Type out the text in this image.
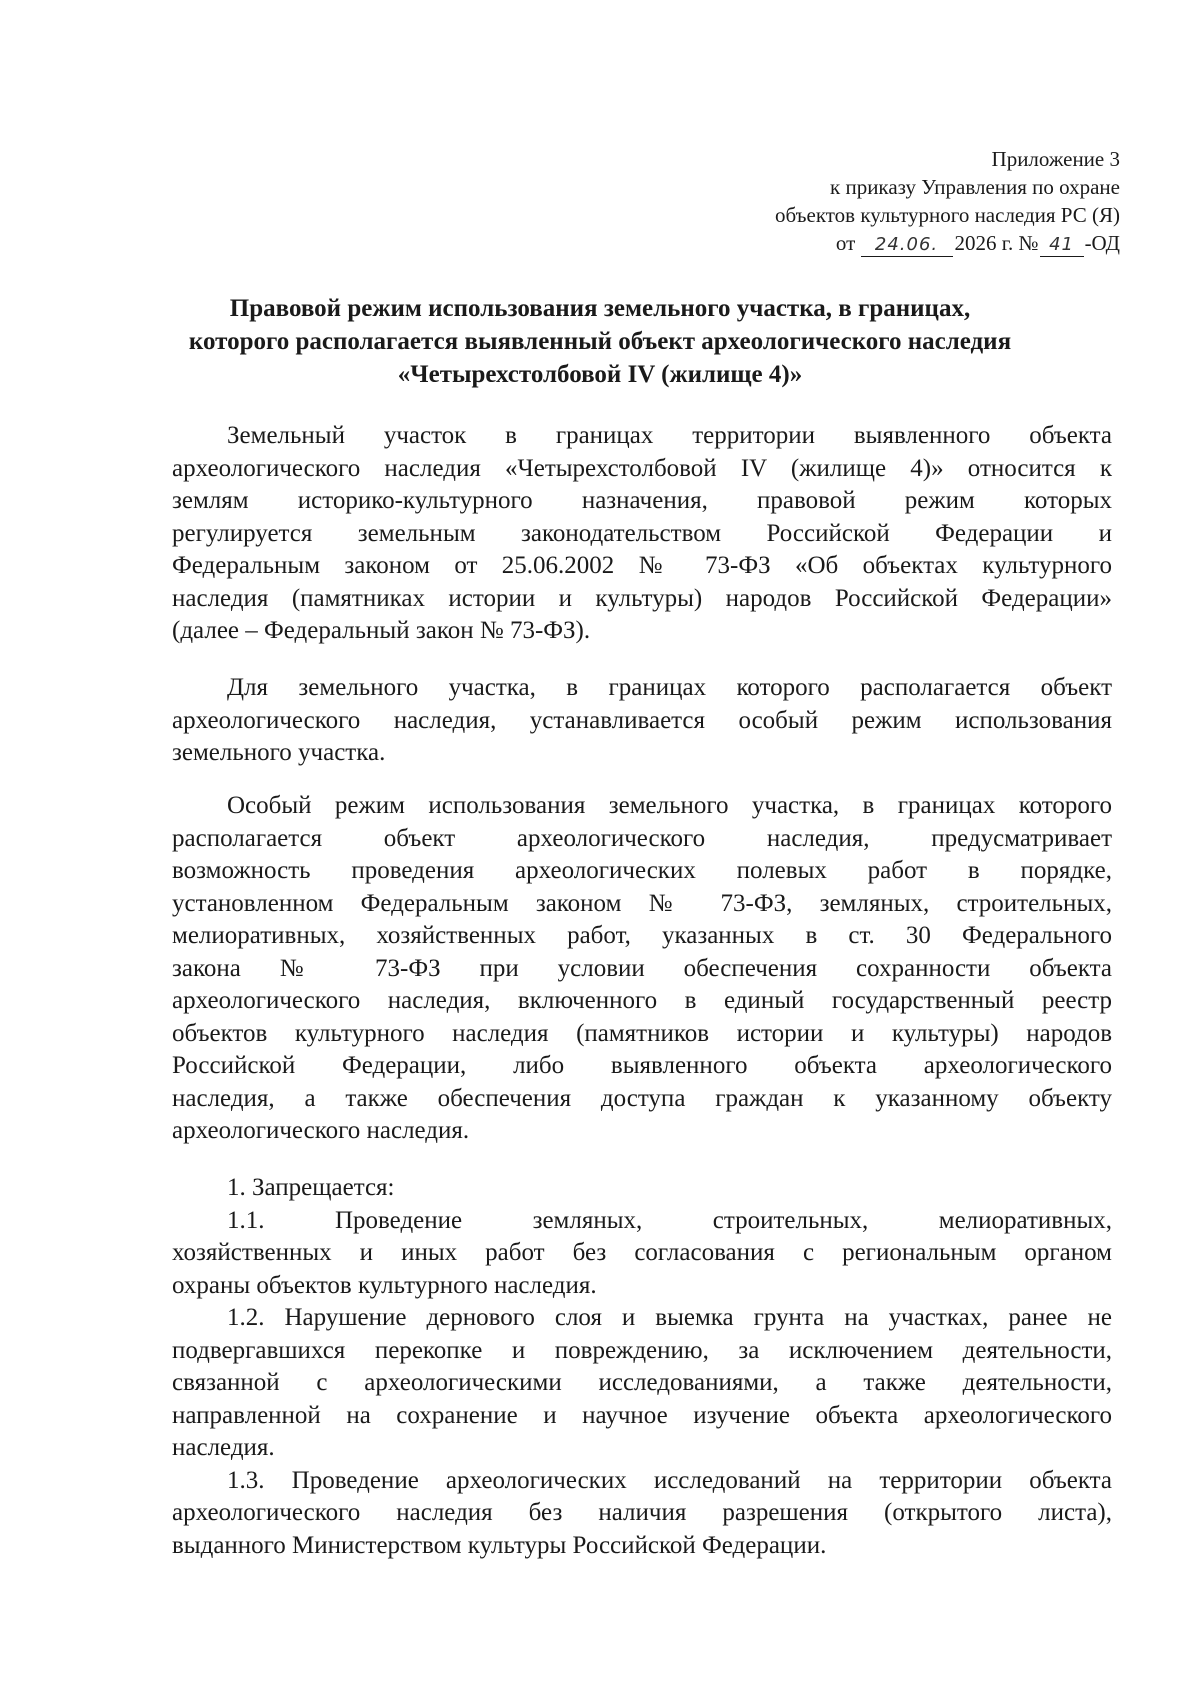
Приложение 3
к приказу Управления по охране
объектов культурного наследия РС (Я)
от 24.06. 2026 г. № 41 -ОД
Правовой режим использования земельного участка, в границах,
которого располагается выявленный объект археологического наследия
«Четырехстолбовой IV (жилище 4)»
Земельный участок в границах территории выявленного объекта
археологического наследия «Четырехстолбовой IV (жилище 4)» относится к
землям историко-культурного назначения, правовой режим которых
регулируется земельным законодательством Российской Федерации и
Федеральным законом от 25.06.2002 № 73-ФЗ «Об объектах культурного
наследия (памятниках истории и культуры) народов Российской Федерации»
(далее – Федеральный закон № 73-ФЗ).
Для земельного участка, в границах которого располагается объект
археологического наследия, устанавливается особый режим использования
земельного участка.
Особый режим использования земельного участка, в границах которого
располагается объект археологического наследия, предусматривает
возможность проведения археологических полевых работ в порядке,
установленном Федеральным законом № 73-ФЗ, земляных, строительных,
мелиоративных, хозяйственных работ, указанных в ст. 30 Федерального
закона № 73-ФЗ при условии обеспечения сохранности объекта
археологического наследия, включенного в единый государственный реестр
объектов культурного наследия (памятников истории и культуры) народов
Российской Федерации, либо выявленного объекта археологического
наследия, а также обеспечения доступа граждан к указанному объекту
археологического наследия.
1. Запрещается:
1.1. Проведение земляных, строительных, мелиоративных,
хозяйственных и иных работ без согласования с региональным органом
охраны объектов культурного наследия.
1.2. Нарушение дернового слоя и выемка грунта на участках, ранее не
подвергавшихся перекопке и повреждению, за исключением деятельности,
связанной с археологическими исследованиями, а также деятельности,
направленной на сохранение и научное изучение объекта археологического
наследия.
1.3. Проведение археологических исследований на территории объекта
археологического наследия без наличия разрешения (открытого листа),
выданного Министерством культуры Российской Федерации.
